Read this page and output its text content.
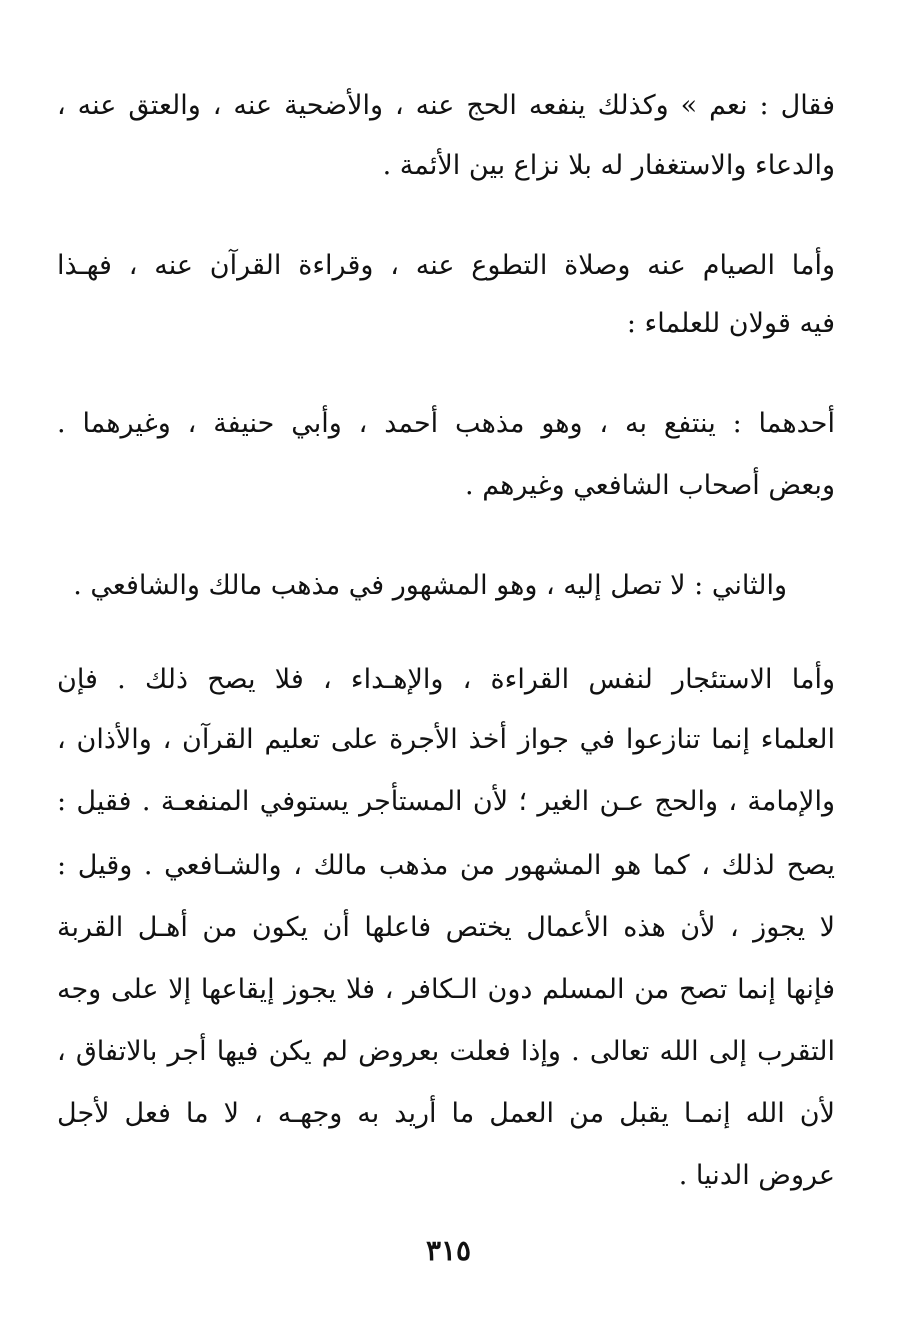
فقال : نعم » وكذلك ينفعه الحج عنه ، والأضحية عنه ، والعتق عنه ،
والدعاء والاستغفار له بلا نزاع بين الأئمة .
وأما الصيام عنه وصلاة التطوع عنه ، وقراءة القرآن عنه ، فهـذا
فيه قولان للعلماء :
أحدهما : ينتفع به ، وهو مذهب أحمد ، وأبي حنيفة ، وغيرهما .
وبعض أصحاب الشافعي وغيرهم .
والثاني : لا تصل إليه ، وهو المشهور في مذهب مالك والشافعي .
وأما الاستئجار لنفس القراءة ، والإهـداء ، فلا يصح ذلك . فإن
العلماء إنما تنازعوا في جواز أخذ الأجرة على تعليم القرآن ، والأذان ،
والإمامة ، والحج عـن الغير ؛ لأن المستأجر يستوفي المنفعـة . فقيل :
يصح لذلك ، كما هو المشهور من مذهب مالك ، والشـافعي . وقيل :
لا يجوز ، لأن هذه الأعمال يختص فاعلها أن يكون من أهـل القربة
فإنها إنما تصح من المسلم دون الـكافر ، فلا يجوز إيقاعها إلا على وجه
التقرب إلى الله تعالى . وإذا فعلت بعروض لم يكن فيها أجر بالاتفاق ،
لأن الله إنمـا يقبل من العمل ما أريد به وجهـه ، لا ما فعل لأجل
عروض الدنيا .
٣١٥
